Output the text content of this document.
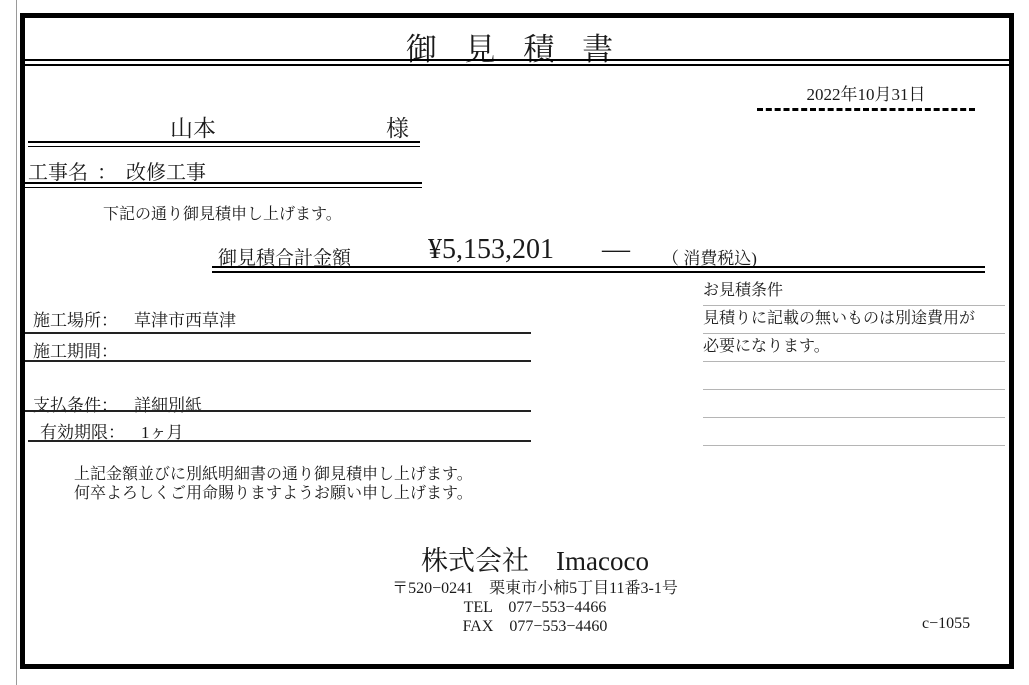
御 見 積 書
2022年10月31日
山本	様
工事名 ： 改修工事
下記の通り御見積申し上げます。
御見積合計金額	¥5,153,201 ― （ 消費税込)
お見積条件
見積りに記載の無いものは別途費用が
必要になります。
施工場所： 草津市西草津
施工期間：
支払条件： 詳細別紙
有効期限： 1ヶ月
上記金額並びに別紙明細書の通り御見積申し上げます。
何卒よろしくご用命賜りますようお願い申し上げます。
株式会社　Imacoco
〒520−0241　栗東市小柿5丁目11番3-1号
TEL　077−553−4466
FAX　077−553−4460	c−1055
